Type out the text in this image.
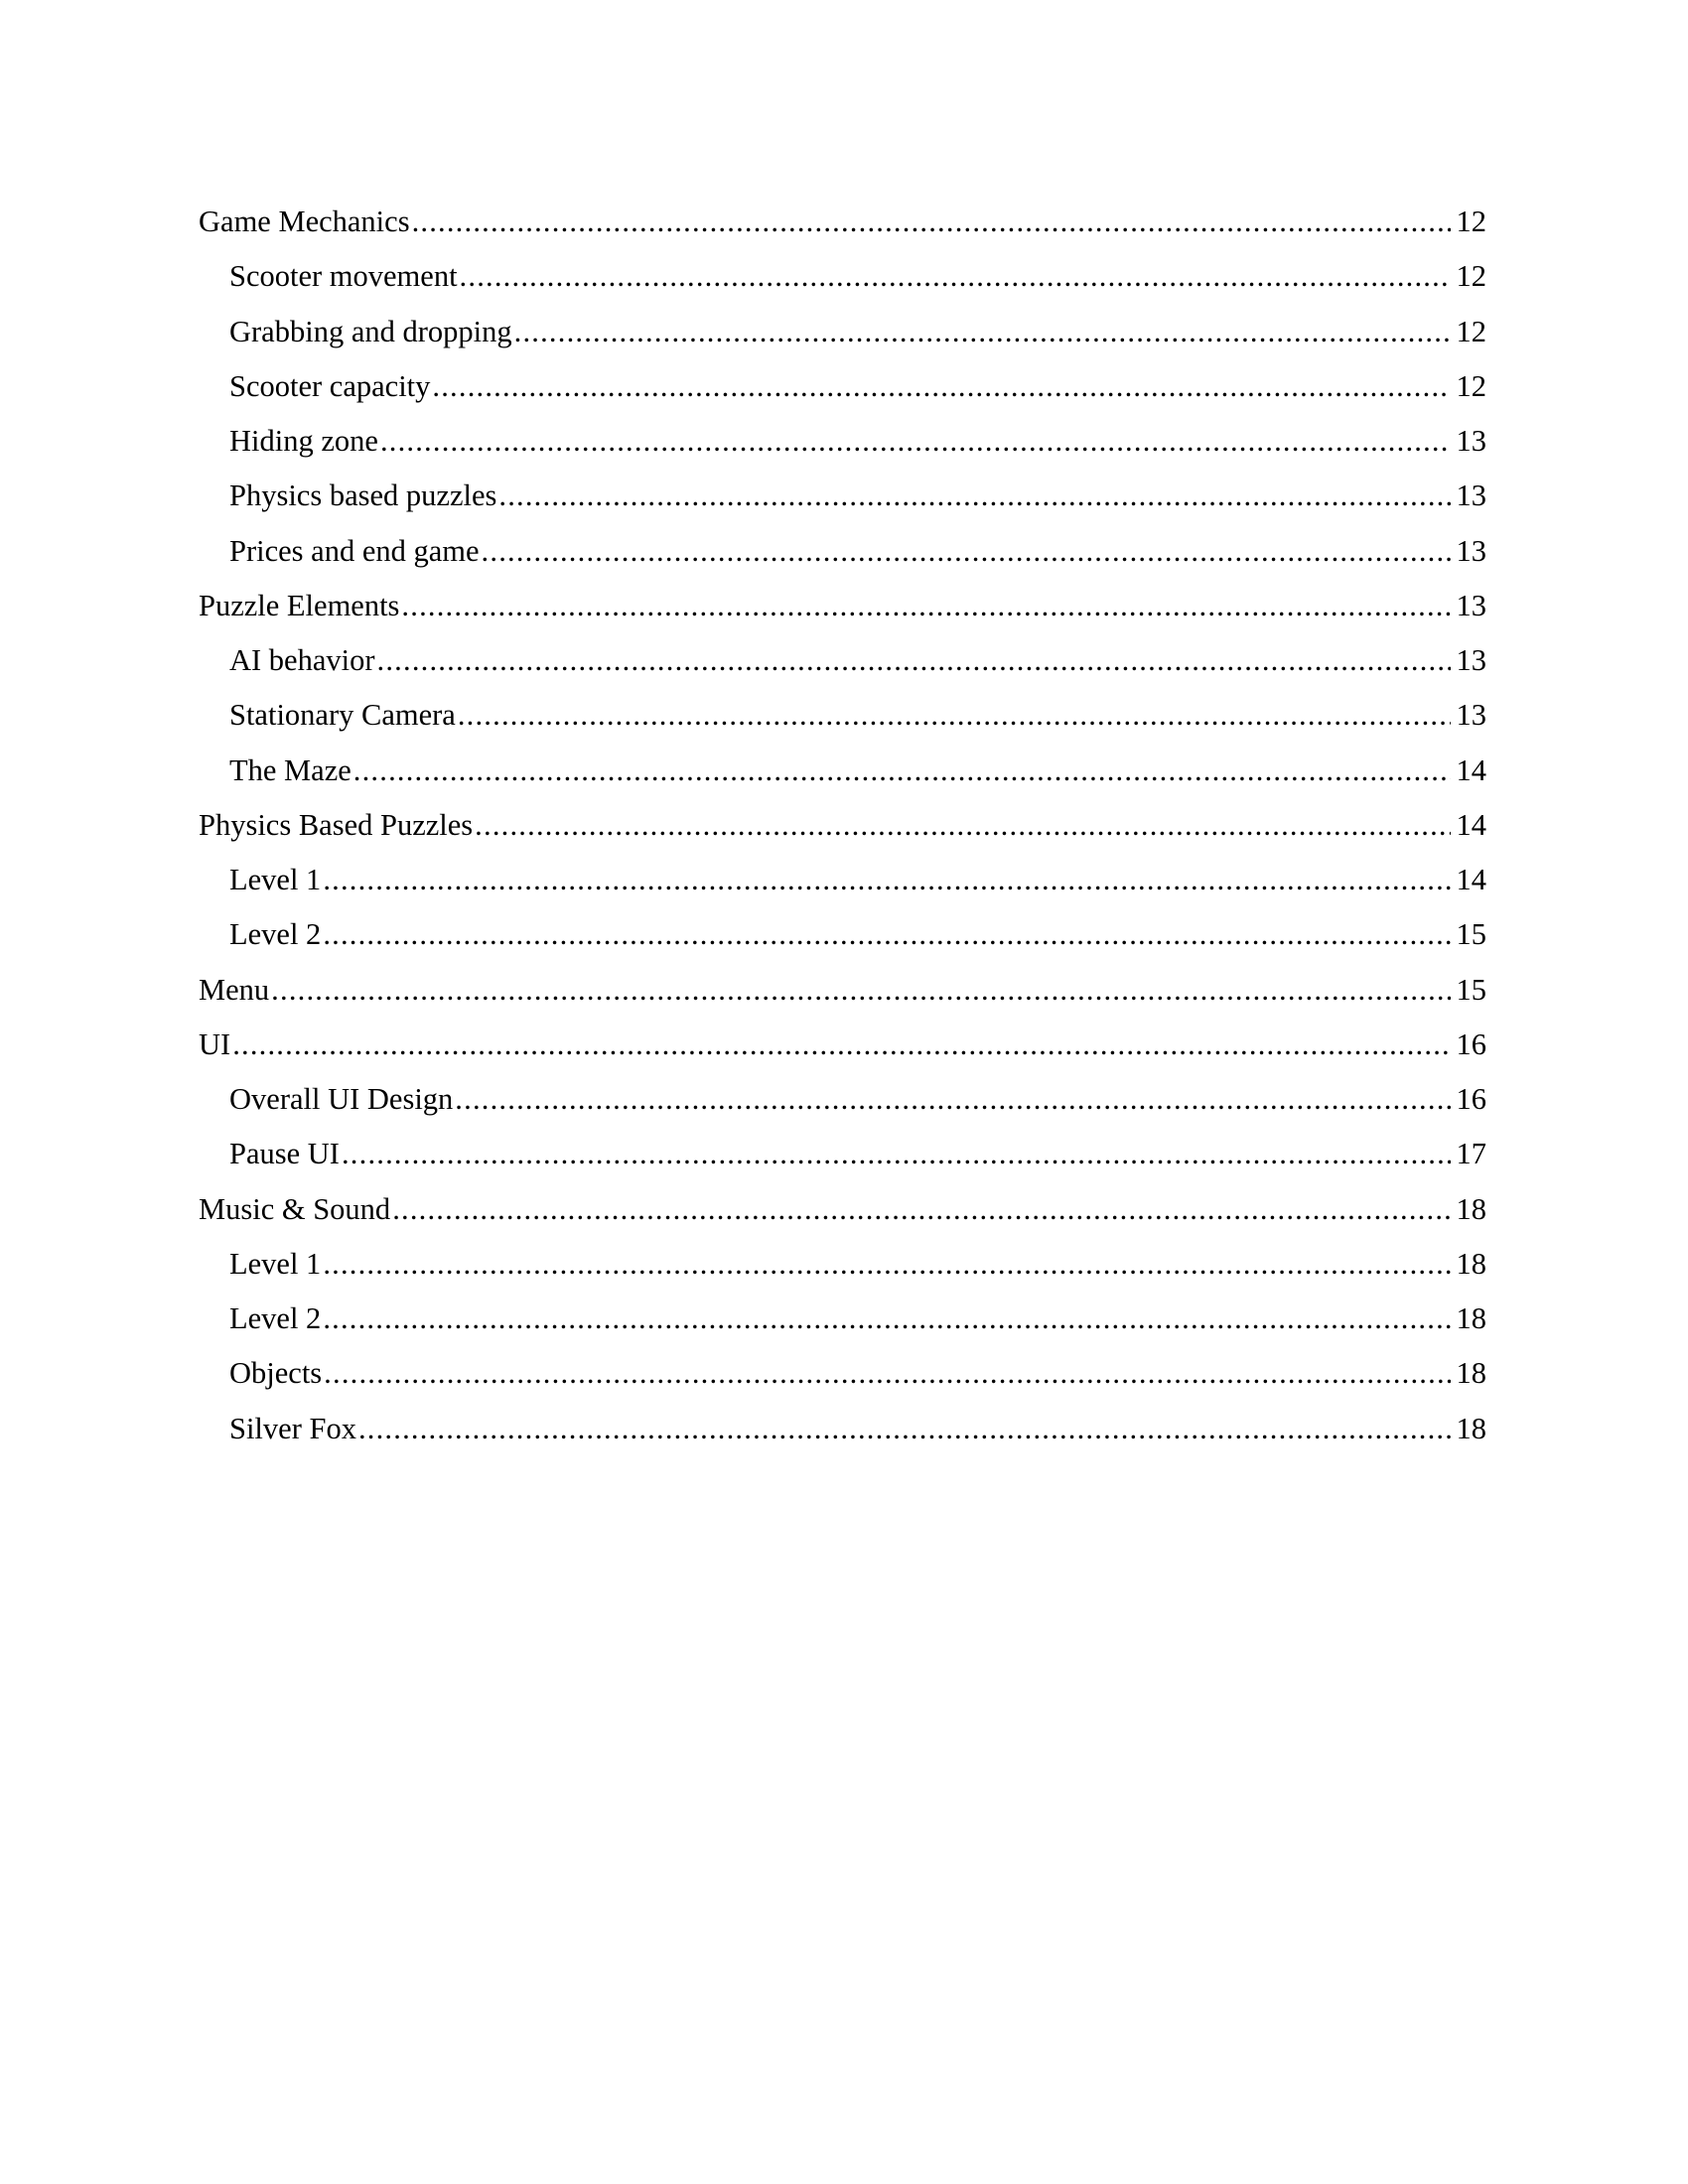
Game Mechanics .....	12
Scooter movement .....	12
Grabbing and dropping .....	12
Scooter capacity .....	12
Hiding zone .....	13
Physics based puzzles .....	13
Prices and end game .....	13
Puzzle Elements .....	13
AI behavior .....	13
Stationary Camera .....	13
The Maze .....	14
Physics Based Puzzles .....	14
Level 1 .....	14
Level 2 .....	15
Menu .....	15
UI .....	16
Overall UI Design .....	16
Pause UI .....	17
Music & Sound .....	18
Level 1 .....	18
Level 2 .....	18
Objects .....	18
Silver Fox .....	18
